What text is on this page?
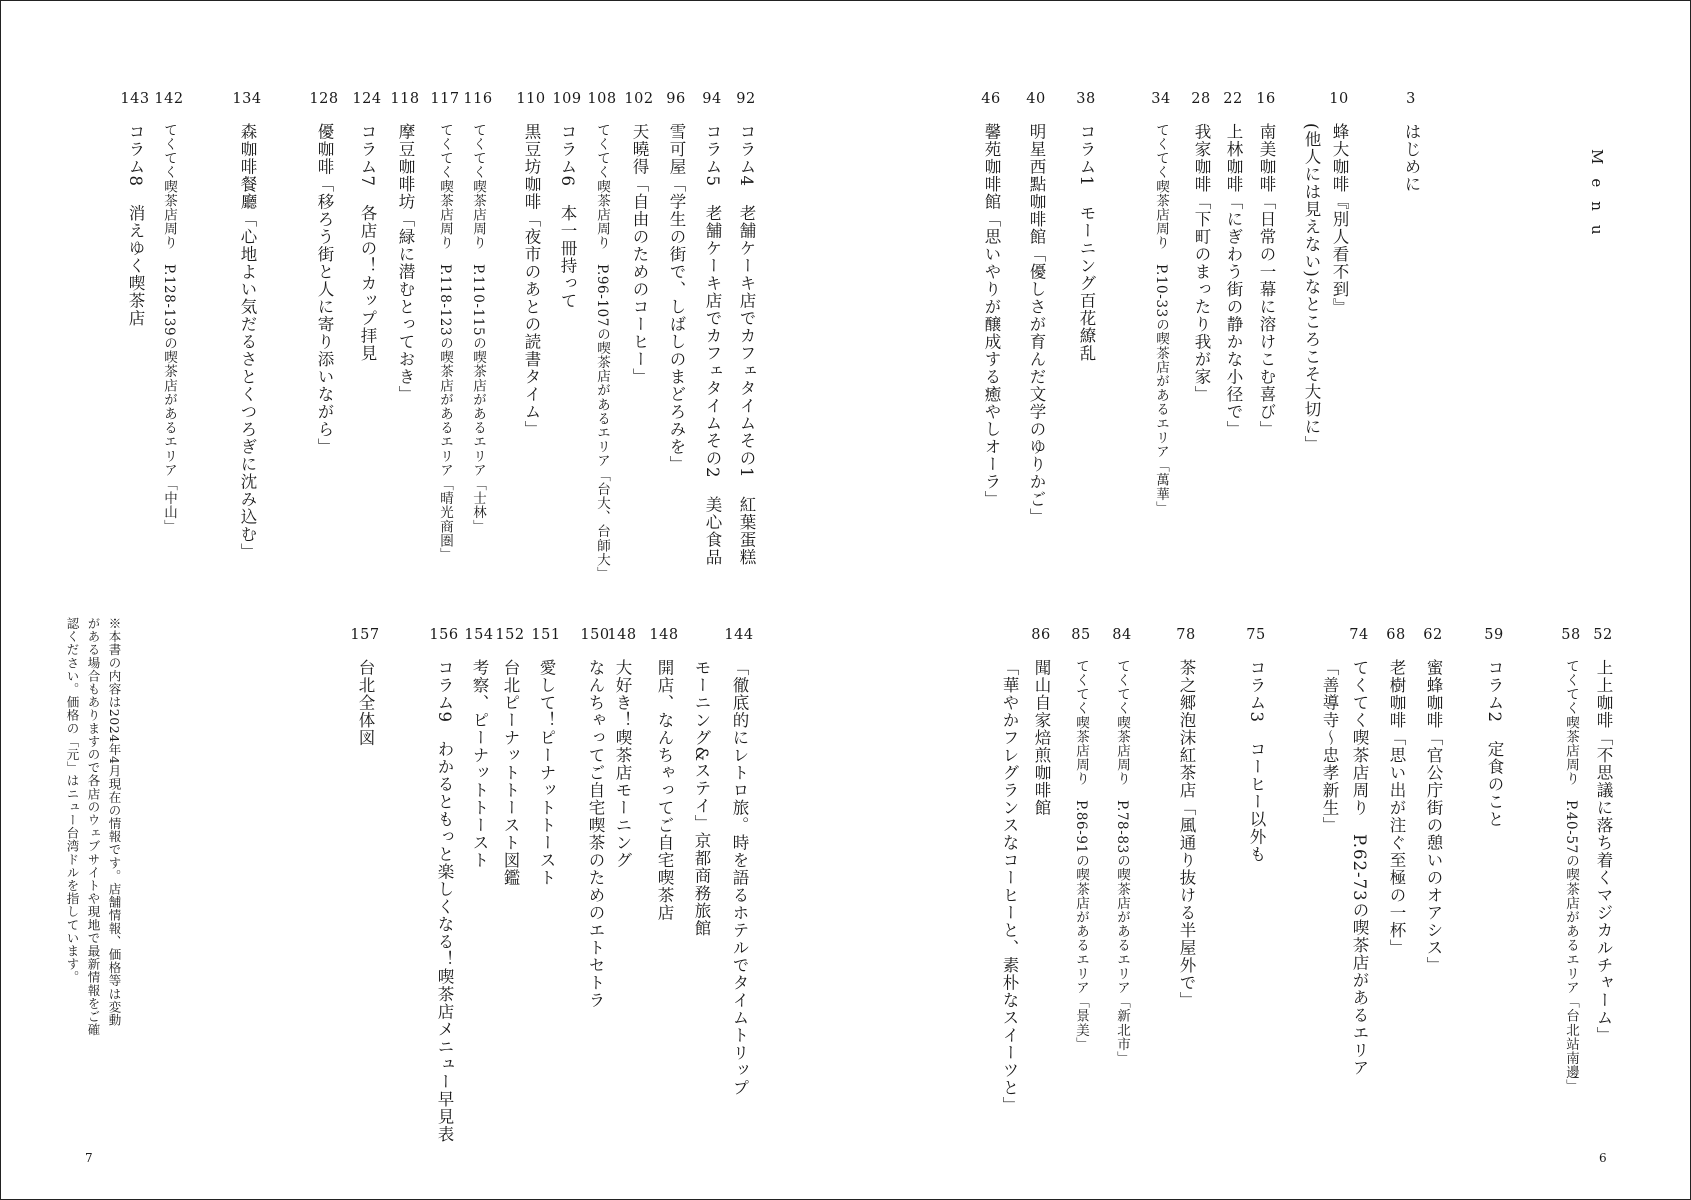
Menu
3
はじめに
10
蜂大咖啡『別人看不到』
(他人には見えない)なところこそ大切に」
16
南美咖啡「日常の一幕に溶けこむ喜び」
22
上林咖啡「にぎわう街の静かな小径で」
28
我家咖啡「下町のまったり我が家」
34
てくてく喫茶店周り　P.10‐33の喫茶店があるエリア「萬華」
38
コラム1　モーニング百花繚乱
40
明星西點咖啡館「優しさが育んだ文学のゆりかご」
46
馨苑咖啡館「思いやりが醸成する癒やしオーラ」
52
上上咖啡「不思議に落ち着くマジカルチャーム」
58
てくてく喫茶店周り　P.40‐57の喫茶店があるエリア「台北站南邊」
59
コラム2　定食のこと
62
蜜蜂咖啡「官公庁街の憩いのオアシス」
68
老樹咖啡「思い出が注ぐ至極の一杯」
74
てくてく喫茶店周り　P.62‐73の喫茶店があるエリア
「善導寺～忠孝新生」
75
コラム3　コーヒー以外も
78
茶之郷泡沫紅茶店「風通り抜ける半屋外で」
84
てくてく喫茶店周り　P.78‐83の喫茶店があるエリア「新北市」
85
てくてく喫茶店周り　P.86‐91の喫茶店があるエリア「景美」
86
聞山自家焙煎咖啡館
「華やかフレグランスなコーヒーと、素朴なスイーツと」
92
コラム4　老舗ケーキ店でカフェタイムその1　紅葉蛋糕
94
コラム5　老舗ケーキ店でカフェタイムその2　美心食品
96
雪可屋「学生の街で、しばしのまどろみを」
102
天曉得「自由のためのコーヒー」
108
てくてく喫茶店周り　P.96‐107の喫茶店があるエリア「台大、台師大」
109
コラム6　本一冊持って
110
黒豆坊咖啡「夜市のあとの読書タイム」
116
てくてく喫茶店周り　P.110‐115の喫茶店があるエリア「士林」
117
てくてく喫茶店周り　P.118‐123の喫茶店があるエリア「晴光商圏」
118
摩豆咖啡坊「緑に潜むとっておき」
124
コラム7　各店の！カップ拝見
128
優咖啡「移ろう街と人に寄り添いながら」
134
森咖啡餐廳「心地よい気だるさとくつろぎに沈み込む」
142
てくてく喫茶店周り　P.128‐139の喫茶店があるエリア「中山」
143
コラム8　消えゆく喫茶店
144
「徹底的にレトロ旅。時を語るホテルでタイムトリップ
モーニング&ステイ」京都商務旅館
148
開店、なんちゃってご自宅喫茶店
148
大好き！喫茶店モーニング
150
なんちゃってご自宅喫茶のためのエトセトラ
151
愛して！ピーナットトースト
152
台北ピーナットトースト図鑑
154
考察、ピーナットトースト
156
コラム9　わかるともっと楽しくなる！喫茶店メニュー早見表
157
台北全体図
※本書の内容は2024年4月現在の情報です。店舗情報、価格等は変動がある場合もありますので各店のウェブサイトや現地で最新情報をご確認ください。価格の「元」はニュー台湾ドルを指しています。
7	6
